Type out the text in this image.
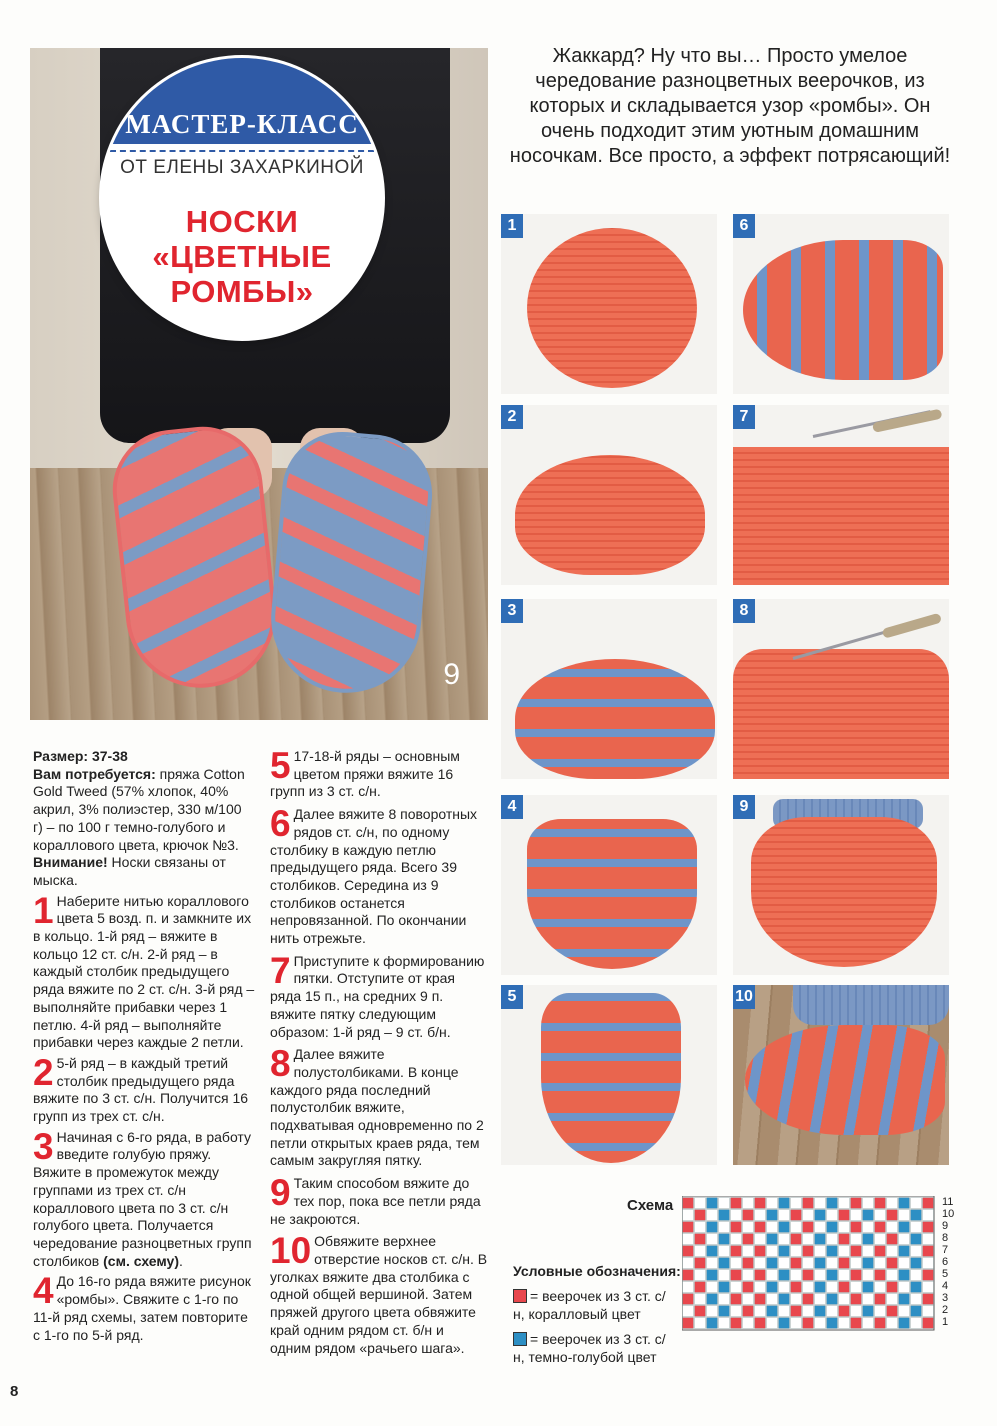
9
МАСТЕР-КЛАСС
ОТ ЕЛЕНЫ ЗАХАРКИНОЙ
НОСКИ «ЦВЕТНЫЕ
РОМБЫ»
Жаккард? Ну что вы… Просто умелое чередование разноцветных веерочков, из которых и складывается узор «ромбы». Он очень подходит этим уютным домашним носочкам. Все просто, а эффект потрясающий!
1
2
3
4
5
6
7
8
9
10

Размер: 37-38

Вам потребуется: пряжа Cotton Gold Tweed (57% хлопок, 40% акрил, 3% полиэстер, 330 м/100 г) – по 100 г темно-голубого и кораллового цвета, крючок №3.

Внимание! Носки связаны от мыска.

1 Наберите нитью кораллового цвета 5 возд. п. и замкните их в кольцо. 1-й ряд – вяжите в кольцо 12 ст. с/н. 2-й ряд – в каждый столбик предыдущего ряда вяжите по 2 ст. с/н. 3-й ряд – выполняйте прибавки через 1 петлю. 4-й ряд – выполняйте прибавки через каждые 2 петли.

2 5-й ряд – в каждый третий столбик предыдущего ряда вяжите по 3 ст. с/н. Получится 16 групп из трех ст. с/н.

3 Начиная с 6-го ряда, в работу введите голубую пряжу. Вяжите в промежуток между группами из трех ст. с/н кораллового цвета по 3 ст. с/н голубого цвета. Получается чередование разноцветных групп столбиков (см. схему).

4 До 16-го ряда вяжите рисунок «ромбы». Свяжите с 1-го по 11-й ряд схемы, затем повторите с 1-го по 5-й ряд.

5 17-18-й ряды – основным цветом пряжи вяжите 16 групп из 3 ст. с/н.

6 Далее вяжите 8 поворотных рядов ст. с/н, по одному столбику в каждую петлю предыдущего ряда. Всего 39 столбиков. Середина из 9 столбиков останется непровязанной. По окончании нить отрежьте.

7 Приступите к формированию пятки. Отступите от края ряда 15 п., на средних 9 п. вяжите пятку следующим образом: 1-й ряд – 9 ст. б/н.

8 Далее вяжите полустолбиками. В конце каждого ряда последний полустолбик вяжите, подхватывая одновременно по 2 петли открытых краев ряда, тем самым закругляя пятку.

9 Таким способом вяжите до тех пор, пока все петли ряда не закроются.

10 Обвяжите верхнее отверстие носков ст. с/н. В уголках вяжите два столбика с одной общей вершиной. Затем пряжей другого цвета обвяжите край одним рядом ст. б/н и одним рядом «рачьего шага».

Схема
Условные обозначения:
= веерочек из 3 ст. с/н, коралловый цвет
= веерочек из 3 ст. с/н, темно-голубой цвет
11
10
9
8
7
6
5
4
3
2
1
8
